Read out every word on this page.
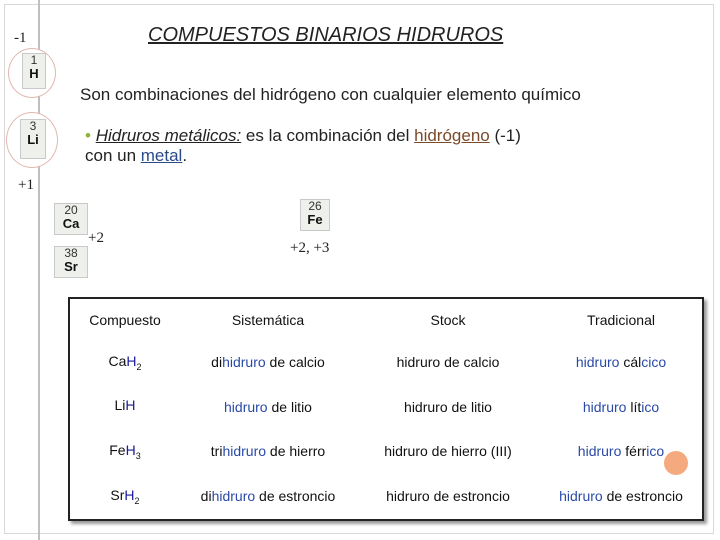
-1
1
H
3
Li
+1
COMPUESTOS BINARIOS HIDRUROS
Son combinaciones del hidrógeno con cualquier elemento químico
• Hidruros metálicos: es la combinación del hidrógeno (-1)
con un metal.
20
Ca
38
Sr
+2
26
Fe
+2, +3
Compuesto	Sistemática	Stock	Tradicional
CaH$_2$	dihidruro de calcio	hidruro de calcio	hidruro cálcico
LiH	hidruro de litio	hidruro de litio	hidruro lítico
FeH$_3$	trihidruro de hierro	hidruro de hierro (III)	hidruro férrico
SrH$_2$	dihidruro de estroncio	hidruro de estroncio	hidruro de estroncio
